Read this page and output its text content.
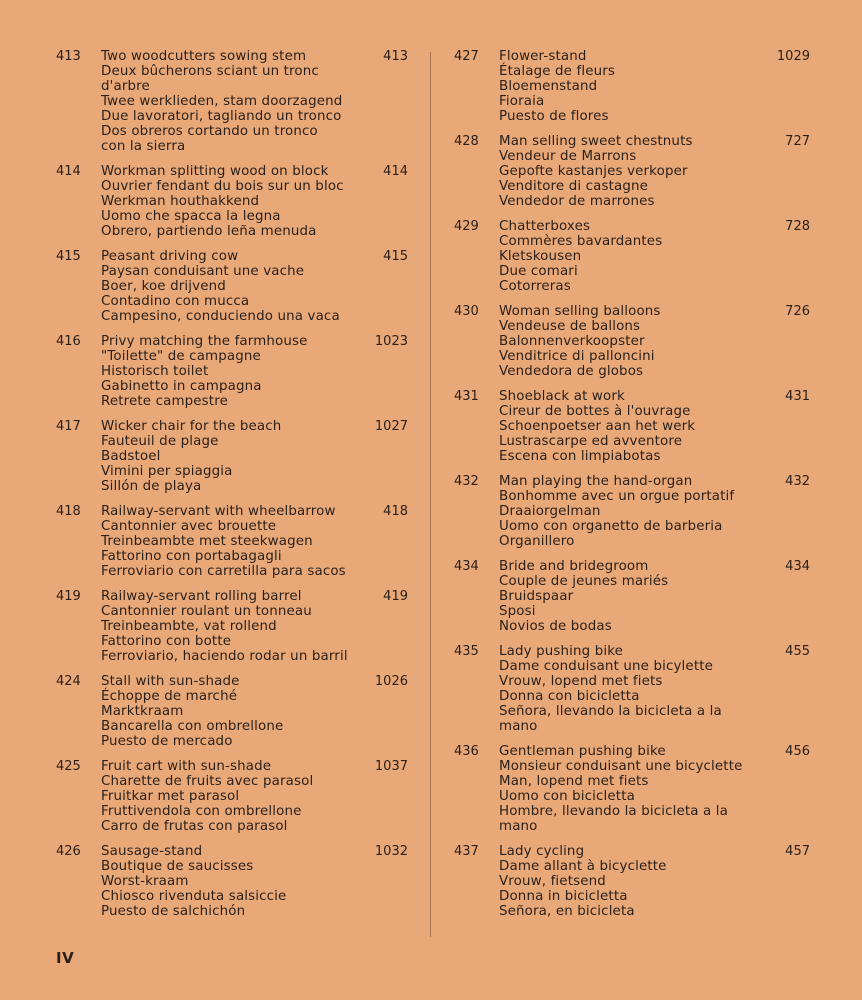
413	413
Two woodcutters sowing stem
Deux bûcherons sciant un tronc
d'arbre
Twee werklieden, stam doorzagend
Due lavoratori, tagliando un tronco
Dos obreros cortando un tronco
con la sierra
414	414
Workman splitting wood on block
Ouvrier fendant du bois sur un bloc
Werkman houthakkend
Uomo che spacca la legna
Obrero, partiendo leña menuda
415	415
Peasant driving cow
Paysan conduisant une vache
Boer, koe drijvend
Contadino con mucca
Campesino, conduciendo una vaca
416	1023
Privy matching the farmhouse
"Toilette" de campagne
Historisch toilet
Gabinetto in campagna
Retrete campestre
417	1027
Wicker chair for the beach
Fauteuil de plage
Badstoel
Vimini per spiaggia
Sillón de playa
418	418
Railway-servant with wheelbarrow
Cantonnier avec brouette
Treinbeambte met steekwagen
Fattorino con portabagagli
Ferroviario con carretilla para sacos
419	419
Railway-servant rolling barrel
Cantonnier roulant un tonneau
Treinbeambte, vat rollend
Fattorino con botte
Ferroviario, haciendo rodar un barril
424	1026
Stall with sun-shade
Échoppe de marché
Marktkraam
Bancarella con ombrellone
Puesto de mercado
425	1037
Fruit cart with sun-shade
Charette de fruits avec parasol
Fruitkar met parasol
Fruttivendola con ombrellone
Carro de frutas con parasol
426	1032
Sausage-stand
Boutique de saucisses
Worst-kraam
Chiosco rivenduta salsiccie
Puesto de salchichón
427	1029
Flower-stand
Étalage de fleurs
Bloemenstand
Fioraia
Puesto de flores
428	727
Man selling sweet chestnuts
Vendeur de Marrons
Gepofte kastanjes verkoper
Venditore di castagne
Vendedor de marrones
429	728
Chatterboxes
Commères bavardantes
Kletskousen
Due comari
Cotorreras
430	726
Woman selling balloons
Vendeuse de ballons
Balonnenverkoopster
Venditrice di palloncini
Vendedora de globos
431	431
Shoeblack at work
Cireur de bottes à l'ouvrage
Schoenpoetser aan het werk
Lustrascarpe ed avventore
Escena con limpiabotas
432	432
Man playing the hand-organ
Bonhomme avec un orgue portatif
Draaiorgelman
Uomo con organetto de barberia
Organillero
434	434
Bride and bridegroom
Couple de jeunes mariés
Bruidspaar
Sposi
Novios de bodas
435	455
Lady pushing bike
Dame conduisant une bicylette
Vrouw, lopend met fiets
Donna con bicicletta
Señora, llevando la bicicleta a la
mano
436	456
Gentleman pushing bike
Monsieur conduisant une bicyclette
Man, lopend met fiets
Uomo con bicicletta
Hombre, llevando la bicicleta a la
mano
437	457
Lady cycling
Dame allant à bicyclette
Vrouw, fietsend
Donna in bicicletta
Señora, en bicicleta
IV
